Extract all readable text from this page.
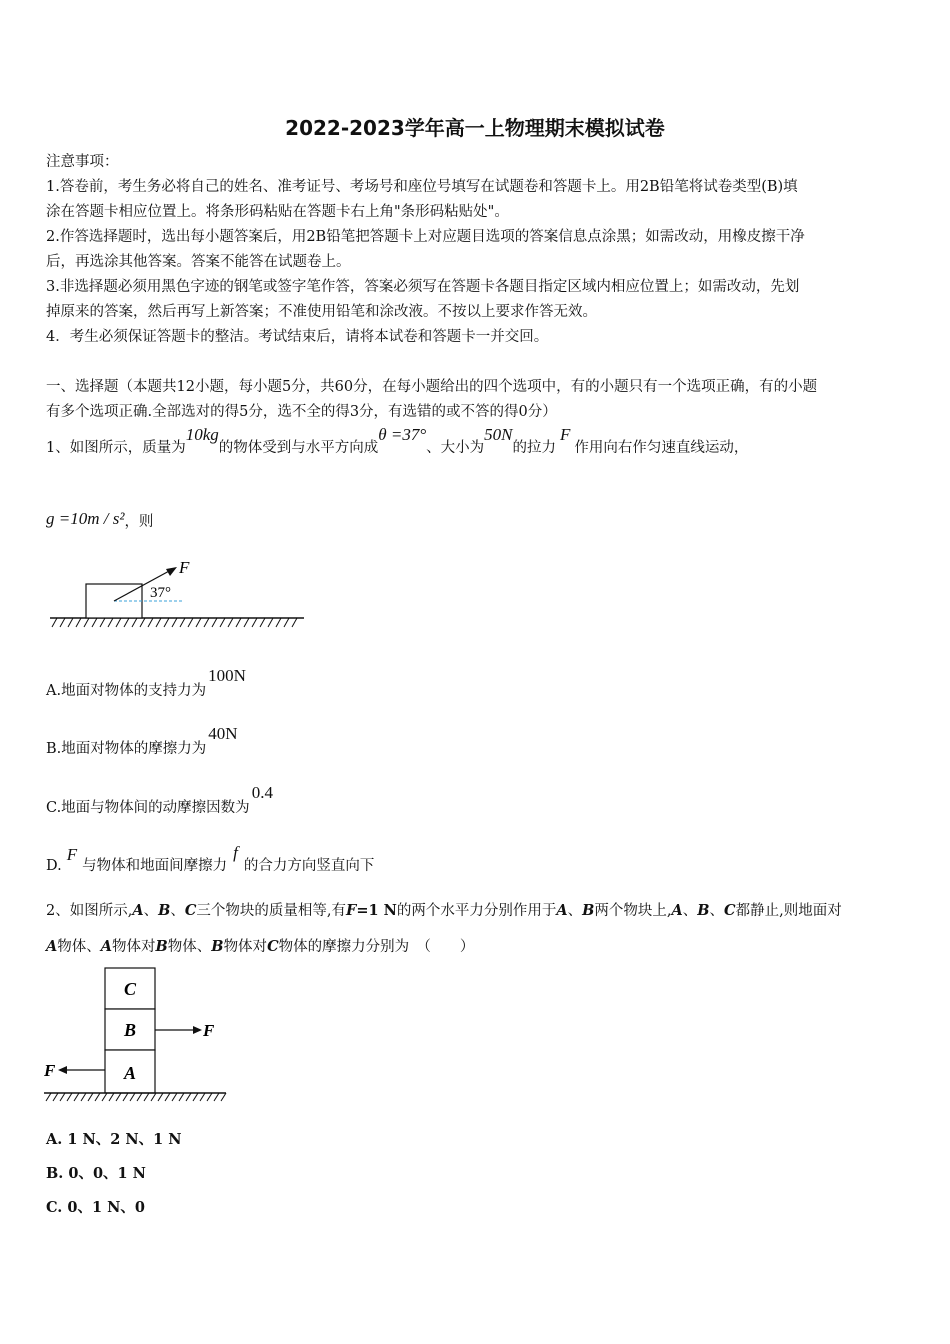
2022-2023学年高一上物理期末模拟试卷
注意事项：
1.答卷前，考生务必将自己的姓名、准考证号、考场号和座位号填写在试题卷和答题卡上。用2B铅笔将试卷类型(B)填
涂在答题卡相应位置上。将条形码粘贴在答题卡右上角"条形码粘贴处"。
2.作答选择题时，选出每小题答案后，用2B铅笔把答题卡上对应题目选项的答案信息点涂黑；如需改动，用橡皮擦干净
后，再选涂其他答案。答案不能答在试题卷上。
3.非选择题必须用黑色字迹的钢笔或签字笔作答，答案必须写在答题卡各题目指定区域内相应位置上；如需改动，先划
掉原来的答案，然后再写上新答案；不准使用铅笔和涂改液。不按以上要求作答无效。
4．考生必须保证答题卡的整洁。考试结束后，请将本试卷和答题卡一并交回。
一、选择题（本题共12小题，每小题5分，共60分，在每小题给出的四个选项中，有的小题只有一个选项正确，有的小题
有多个选项正确.全部选对的得5分，选不全的得3分，有选错的或不答的得0分）
1、如图所示，质量为10kg的物体受到与水平方向成θ =37°、大小为50N的拉力F作用向右作匀速直线运动，
g =10m / s²，则
F
37°
A.地面对物体的支持力为100N
B.地面对物体的摩擦力为40N
C.地面与物体间的动摩擦因数为0.4
D.F与物体和地面间摩擦力f的合力方向竖直向下
2、如图所示,A、B、C三个物块的质量相等,有F=1 N的两个水平力分别作用于A、B两个物块上,A、B、C都静止,则地面对
A物体、A物体对B物体、B物体对C物体的摩擦力分别为　（　　）
C
B
A
F
F
A. 1 N、2 N、1 N
B. 0、0、1 N
C. 0、1 N、0
